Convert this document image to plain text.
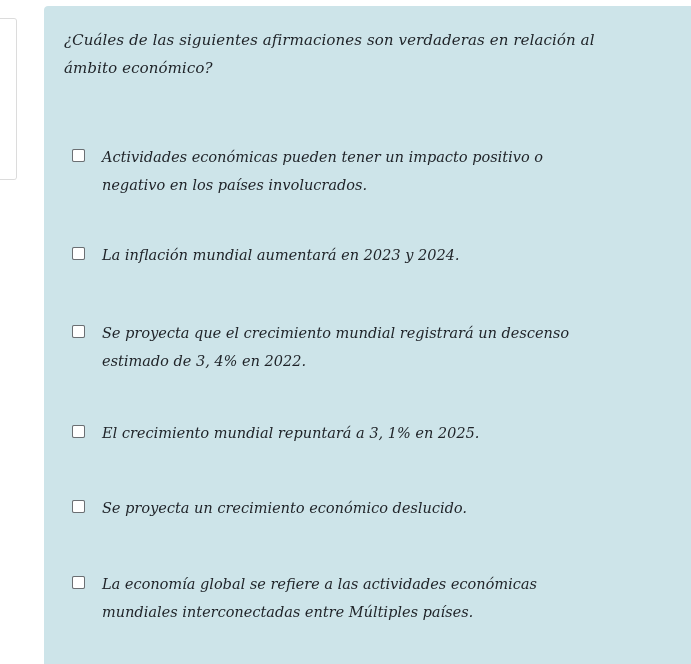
¿Cuáles de las siguientes afirmaciones son verdaderas en relación al ámbito económico?

Actividades económicas pueden tener un impacto positivo o negativo en los países involucrados.
La inflación mundial aumentará en 2023 y 2024.
Se proyecta que el crecimiento mundial registrará un descenso estimado de 3, 4% en 2022.
El crecimiento mundial repuntará a 3, 1% en 2025.
Se proyecta un crecimiento económico deslucido.
La economía global se refiere a las actividades económicas mundiales interconectadas entre Múltiples países.
